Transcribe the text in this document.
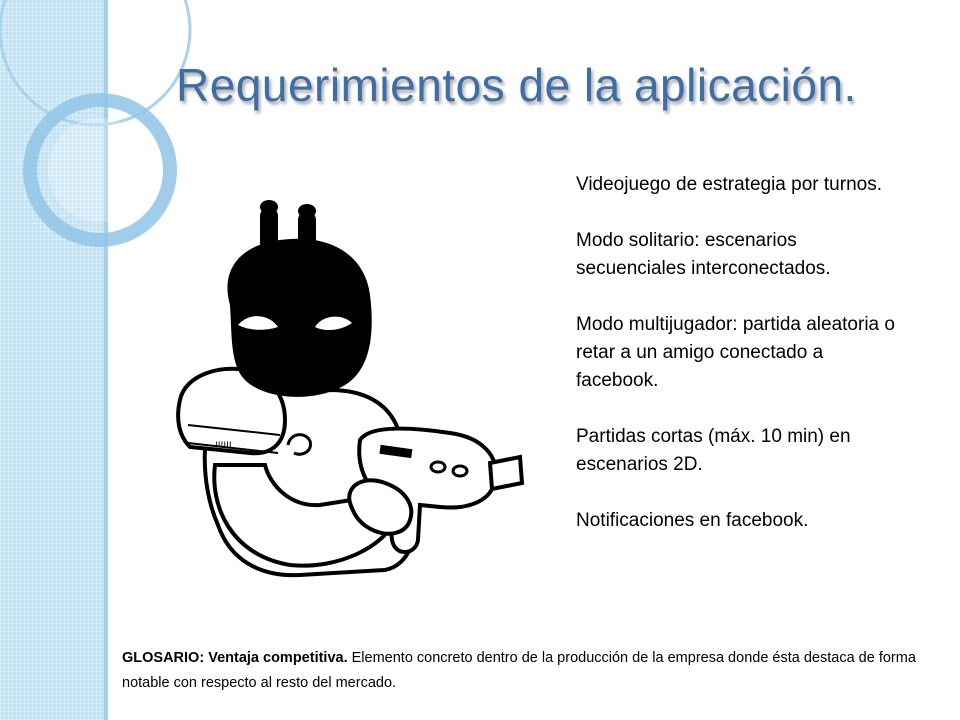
Requerimientos de la aplicación.
ıııııı

Videojuego de estrategia por turnos.

Modo solitario: escenarios secuenciales interconectados.

Modo multijugador: partida aleatoria o retar a un amigo conectado a facebook.

Partidas cortas (máx. 10 min) en escenarios 2D.

Notificaciones en facebook.

GLOSARIO: Ventaja competitiva. Elemento concreto dentro de la producción de la empresa donde ésta destaca de forma notable con respecto al resto del mercado.
